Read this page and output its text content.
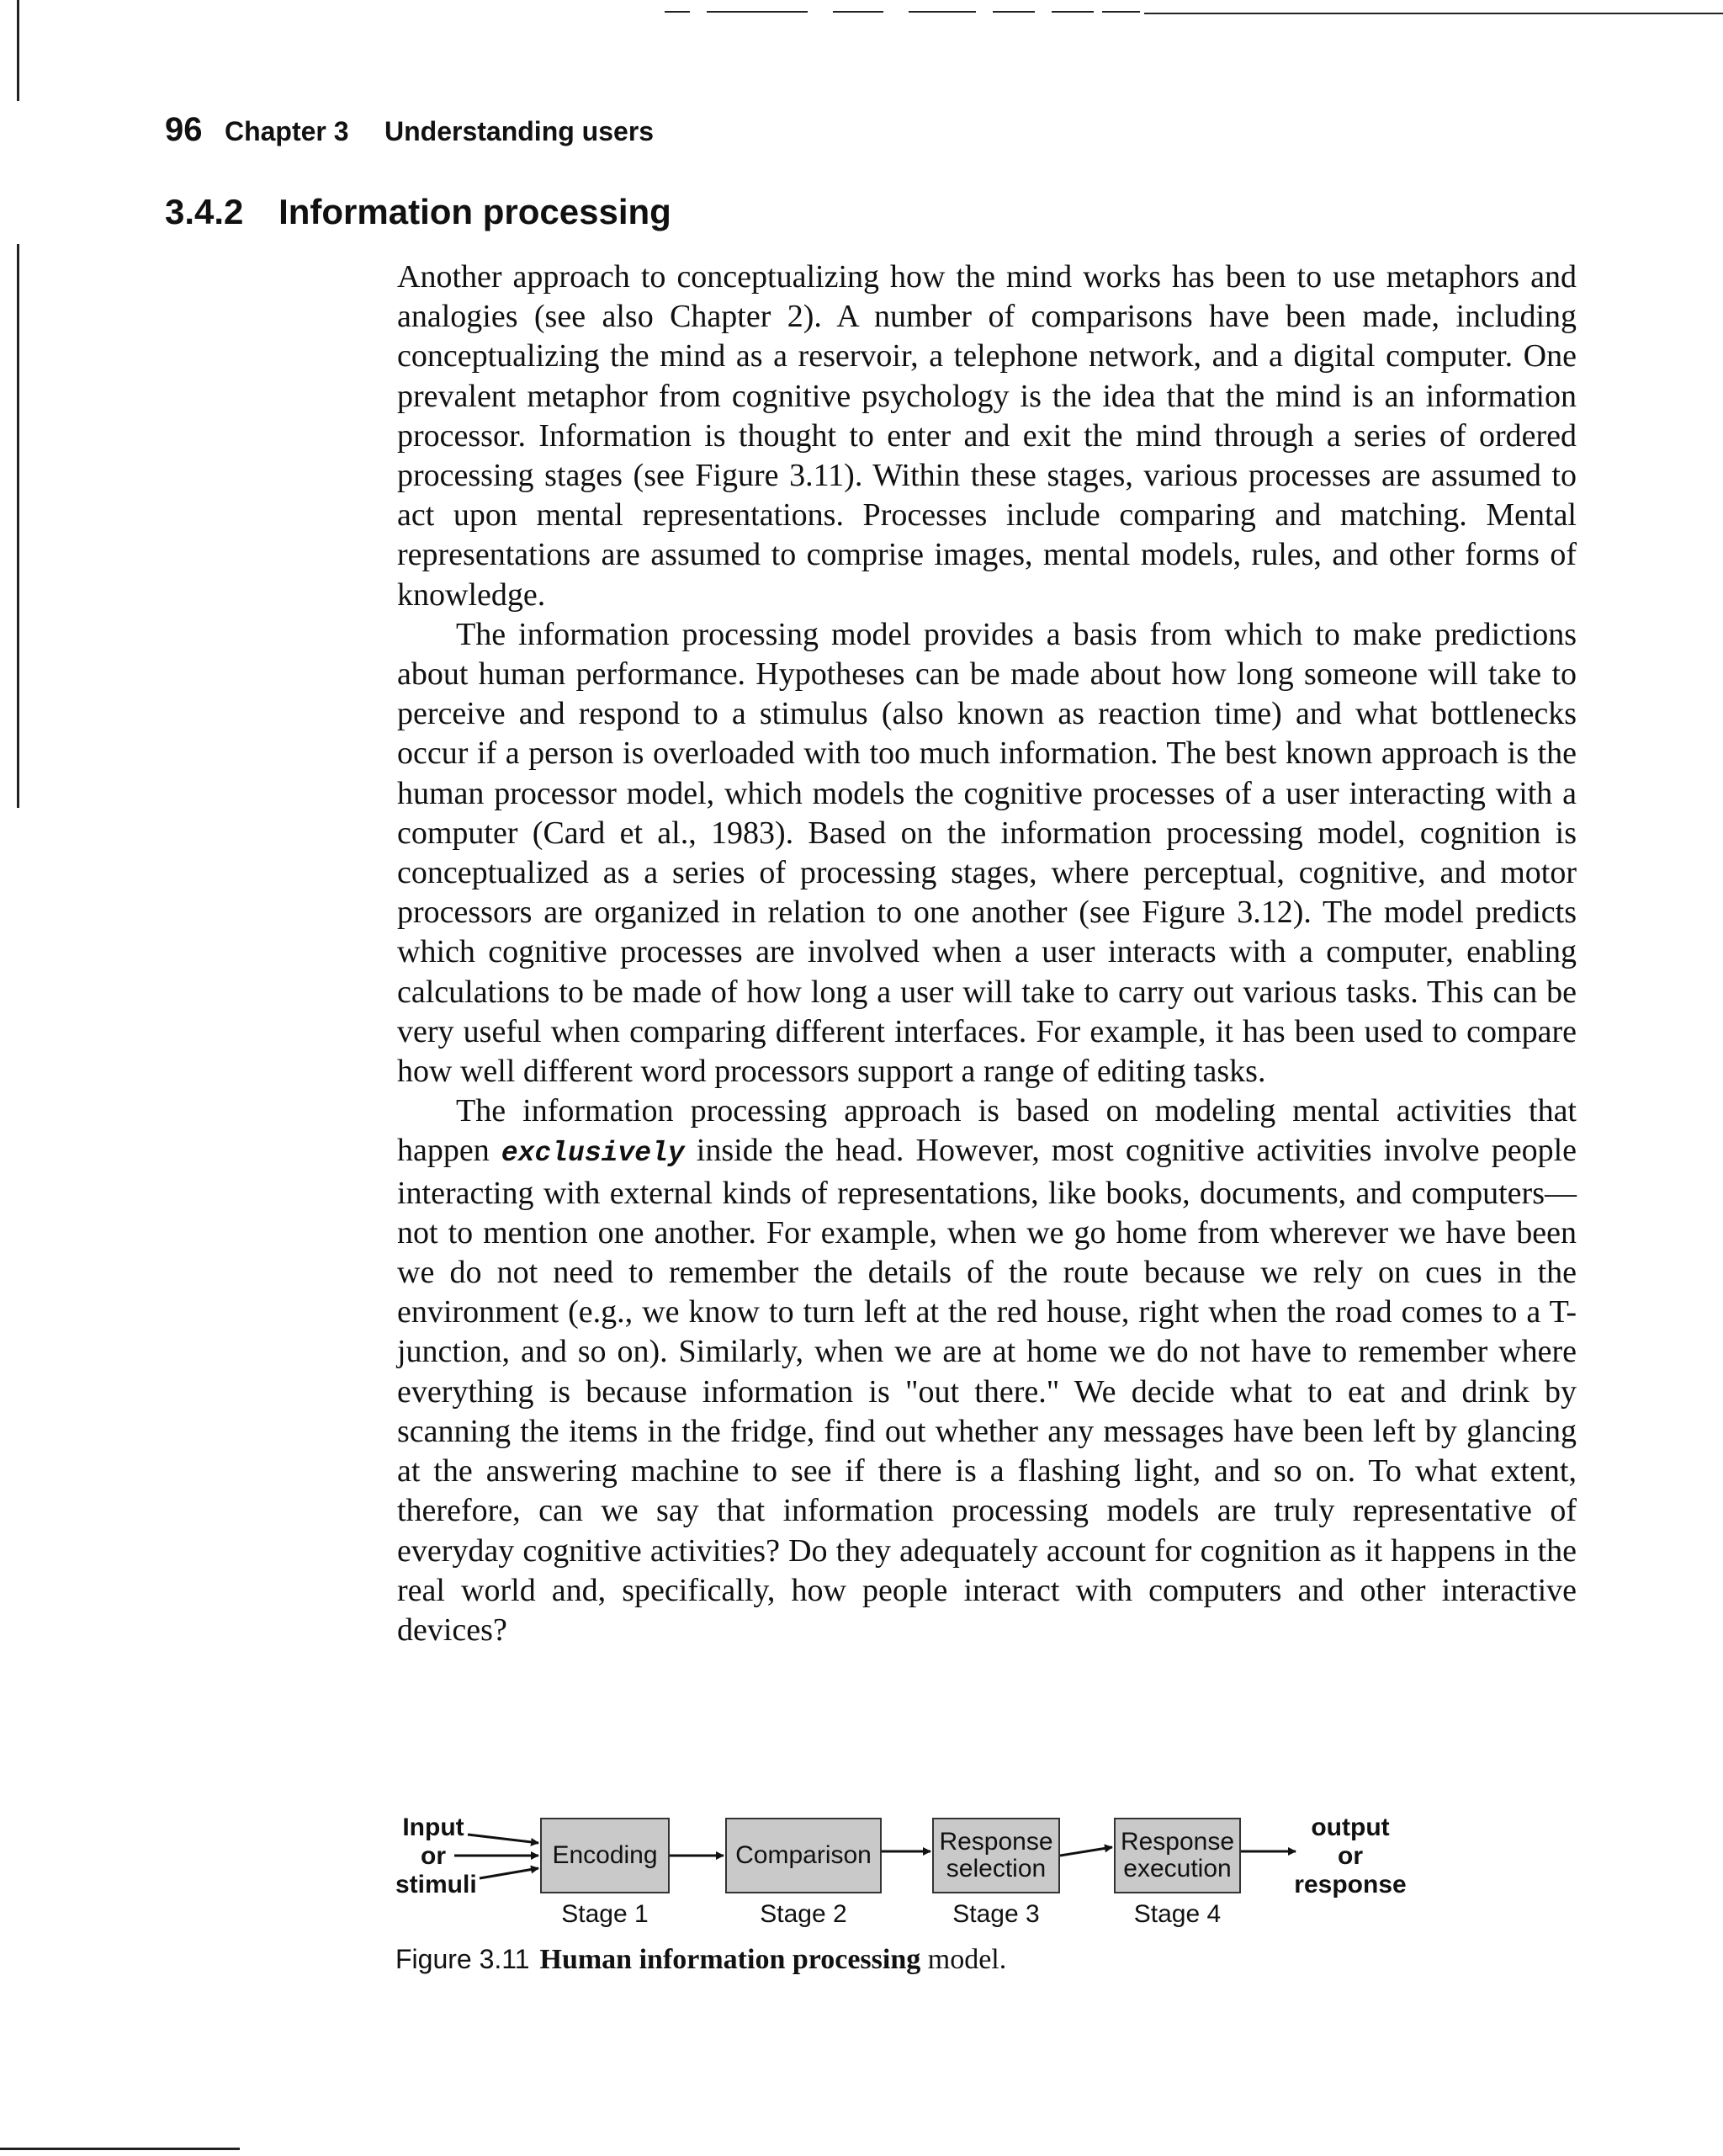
96 Chapter 3 Understanding users
3.4.2 Information processing

Another approach to conceptualizing how the mind works has been to use metaphors and analogies (see also Chapter 2). A number of comparisons have been made, including conceptualizing the mind as a reservoir, a telephone network, and a digital computer. One prevalent metaphor from cognitive psychology is the idea that the mind is an information processor. Information is thought to enter and exit the mind through a series of ordered processing stages (see Figure 3.11). Within these stages, various processes are assumed to act upon mental representations. Processes include comparing and matching. Mental representations are assumed to comprise images, mental models, rules, and other forms of knowledge.

The information processing model provides a basis from which to make predictions about human performance. Hypotheses can be made about how long someone will take to perceive and respond to a stimulus (also known as reaction time) and what bottlenecks occur if a person is overloaded with too much information. The best known approach is the human processor model, which models the cognitive processes of a user interacting with a computer (Card et al., 1983). Based on the information processing model, cognition is conceptualized as a series of processing stages, where perceptual, cognitive, and motor processors are organized in relation to one another (see Figure 3.12). The model predicts which cognitive processes are involved when a user interacts with a computer, enabling calculations to be made of how long a user will take to carry out various tasks. This can be very useful when comparing different interfaces. For example, it has been used to compare how well different word processors support a range of editing tasks.

The information processing approach is based on modeling mental activities that happen exclusively inside the head. However, most cognitive activities involve people interacting with external kinds of representations, like books, documents, and computers—not to mention one another. For example, when we go home from wherever we have been we do not need to remember the details of the route because we rely on cues in the environment (e.g., we know to turn left at the red house, right when the road comes to a T-junction, and so on). Similarly, when we are at home we do not have to remember where everything is because information is "out there." We decide what to eat and drink by scanning the items in the fridge, find out whether any messages have been left by glancing at the answering machine to see if there is a flashing light, and so on. To what extent, therefore, can we say that information processing models are truly representative of everyday cognitive activities? Do they adequately account for cognition as it happens in the real world and, specifically, how people interact with computers and other interactive devices?

Input
or
stimuli
Encoding
Stage 1
Comparison
Stage 2
Response
selection
Stage 3
Response
execution
Stage 4
output
or
response
Figure 3.11 Human information processing model.
